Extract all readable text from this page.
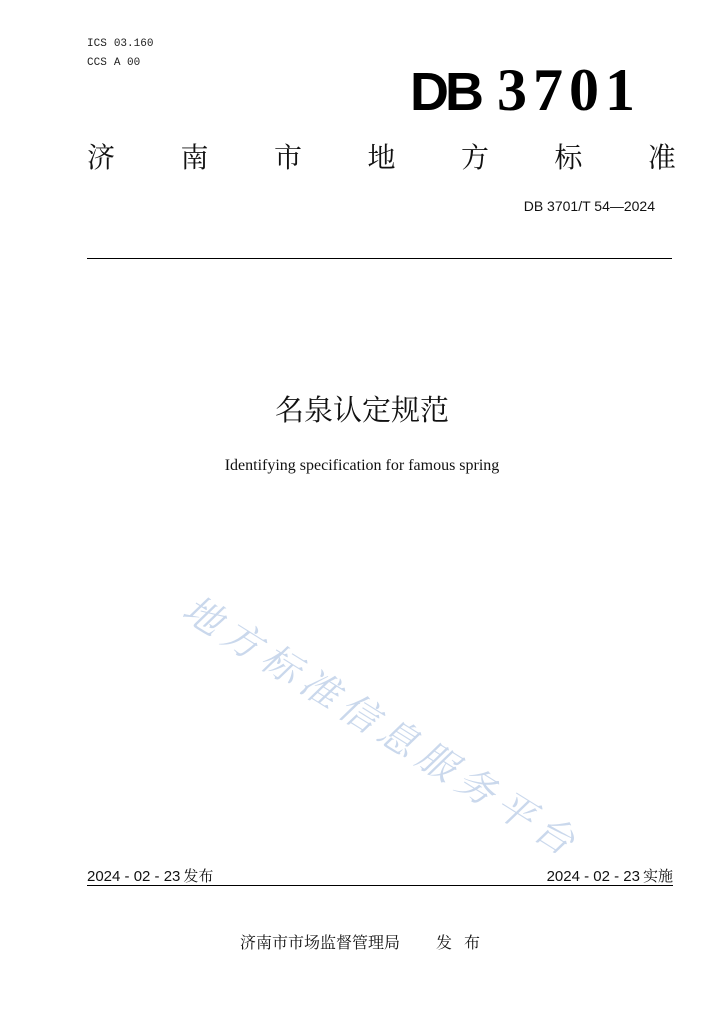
ICS 03.160
CCS A 00	DB 3701
济 南 市 地 方 标 准
DB 3701/T 54—2024
名泉认定规范
Identifying specification for famous spring
地方标准信息服务平台
2024 - 02 - 23 发布	2024 - 02 - 23 实施
济南市市场监督管理局 发布
